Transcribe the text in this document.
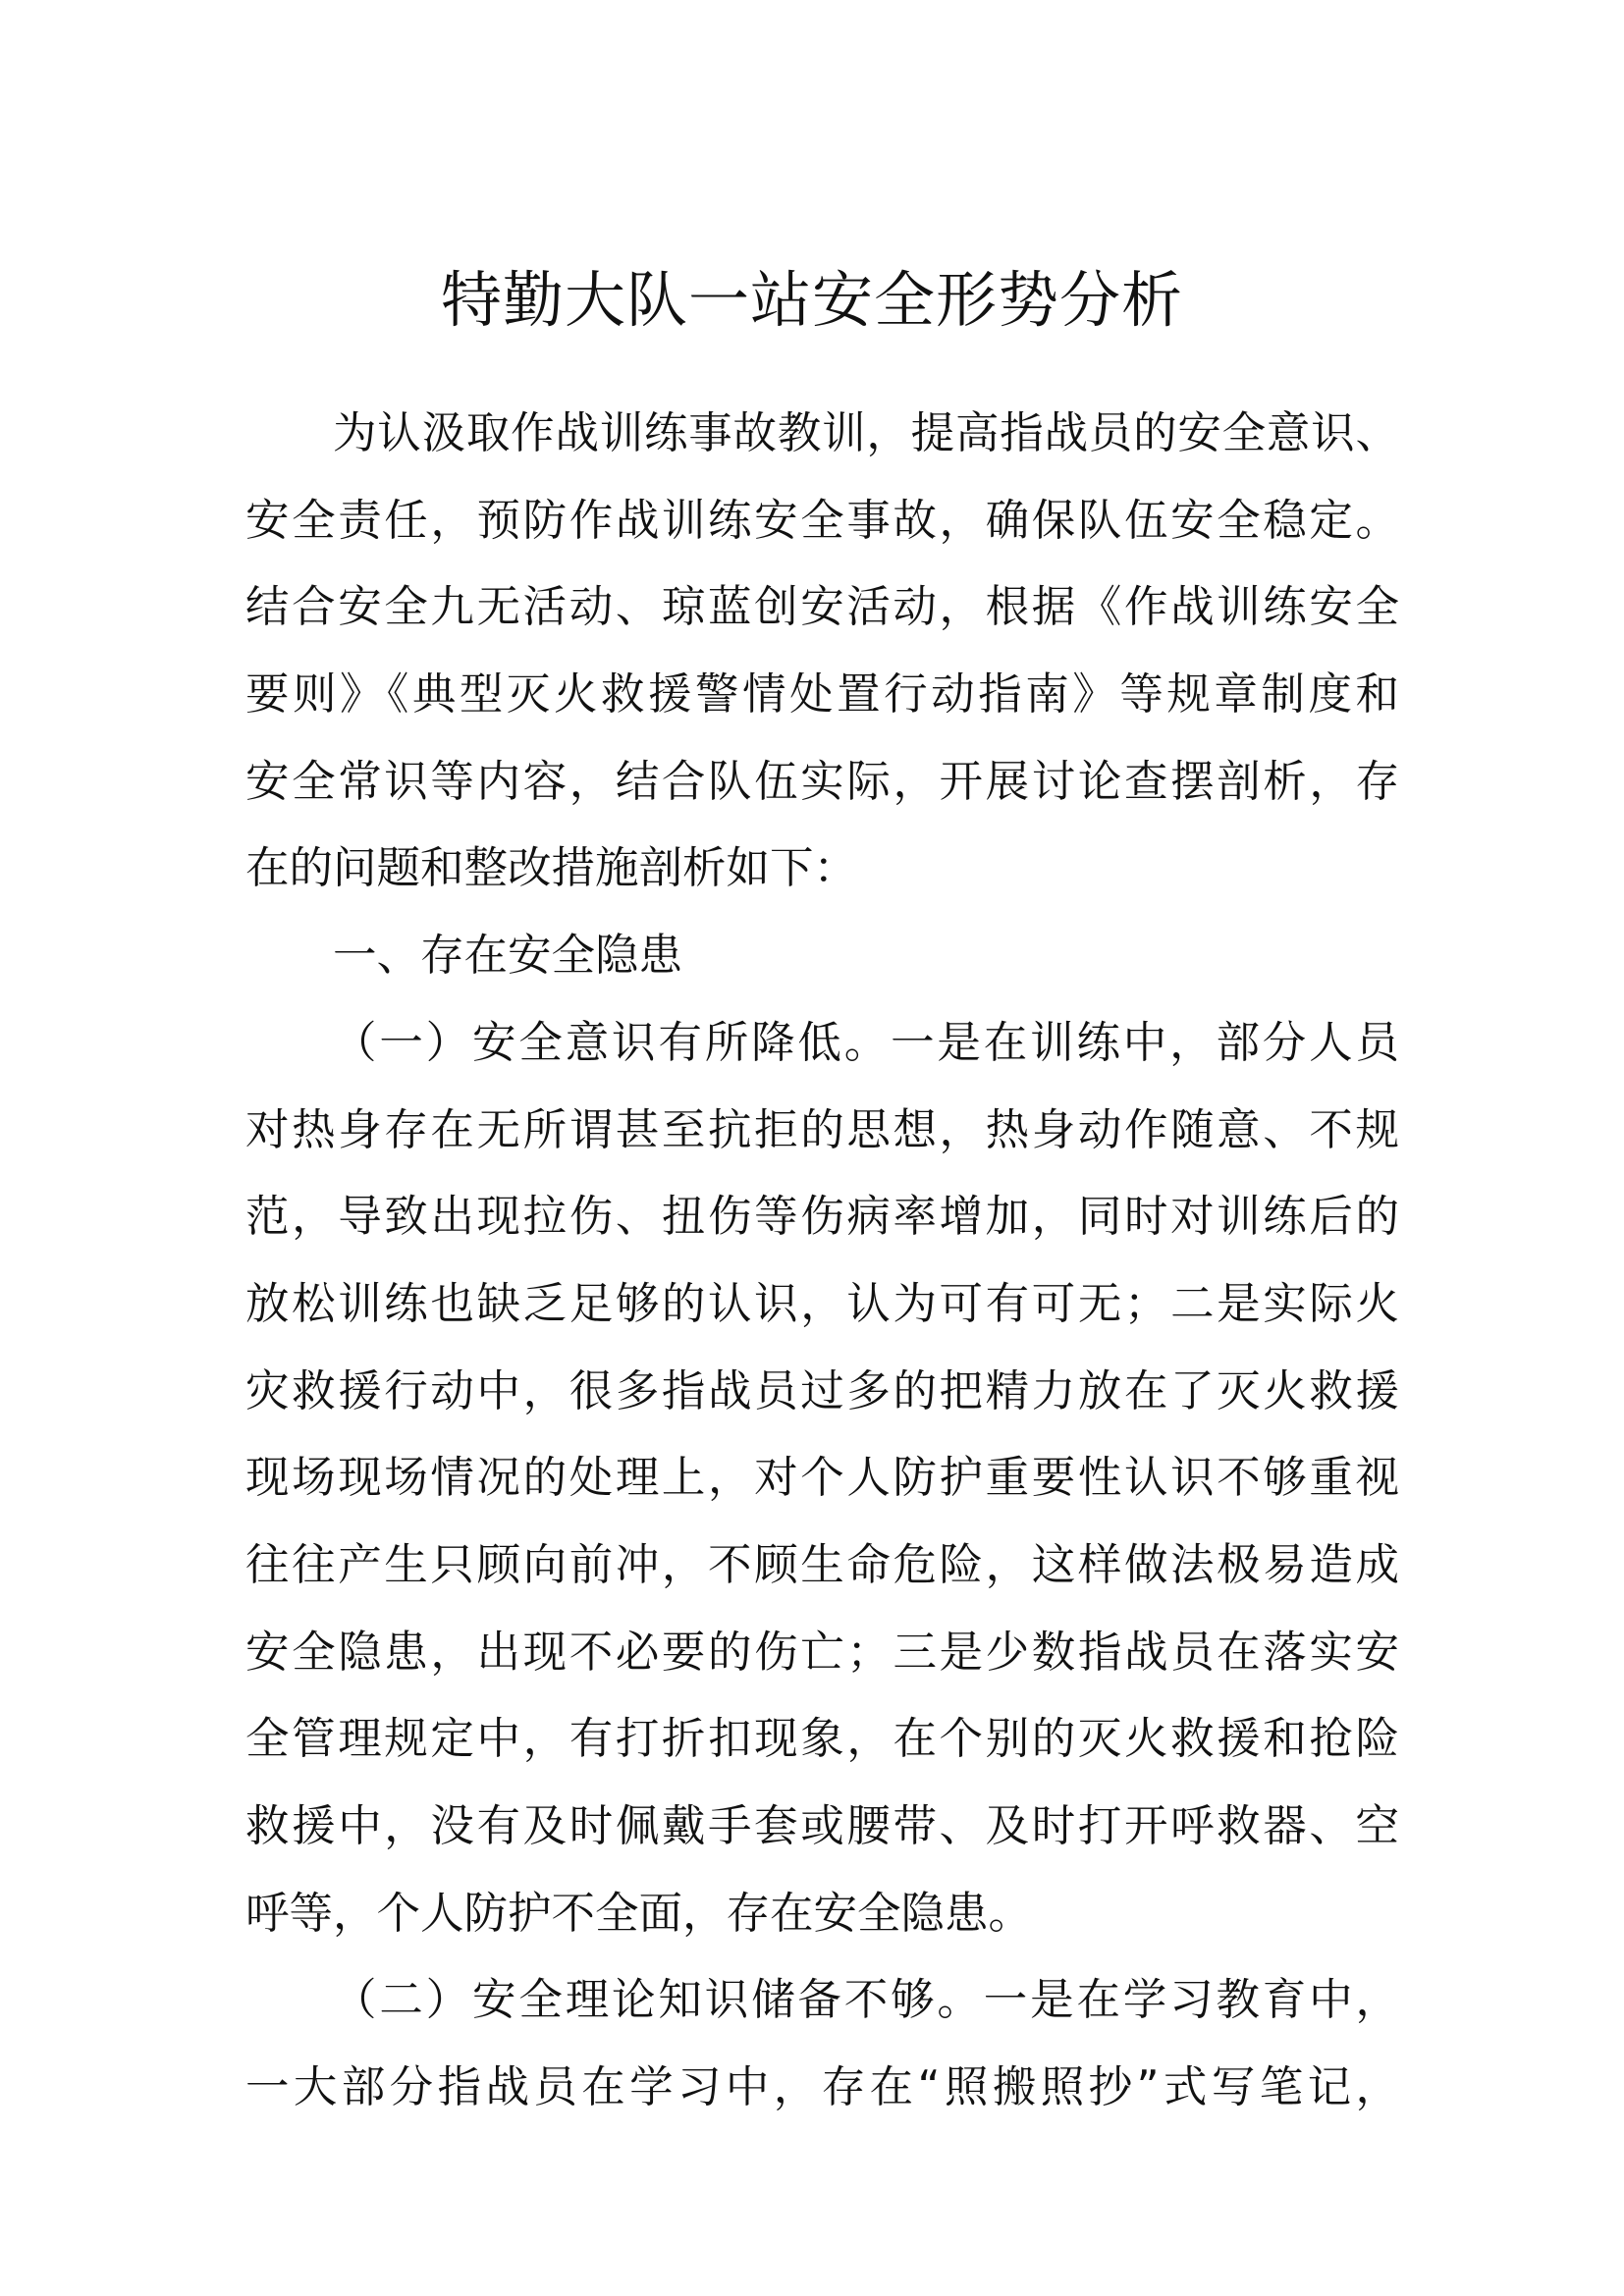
特勤大队一站安全形势分析
为认汲取作战训练事故教训，提高指战员的安全意识、
安全责任，预防作战训练安全事故，确保队伍安全稳定。
结合安全九无活动、琼蓝创安活动，根据《作战训练安全
要则》《典型灭火救援警情处置行动指南》等规章制度和
安全常识等内容，结合队伍实际，开展讨论查摆剖析，存
在的问题和整改措施剖析如下：
一、存在安全隐患
（一）安全意识有所降低。一是在训练中，部分人员
对热身存在无所谓甚至抗拒的思想，热身动作随意、不规
范，导致出现拉伤、扭伤等伤病率增加，同时对训练后的
放松训练也缺乏足够的认识，认为可有可无；二是实际火
灾救援行动中，很多指战员过多的把精力放在了灭火救援
现场现场情况的处理上，对个人防护重要性认识不够重视
往往产生只顾向前冲，不顾生命危险，这样做法极易造成
安全隐患，出现不必要的伤亡；三是少数指战员在落实安
全管理规定中，有打折扣现象，在个别的灭火救援和抢险
救援中，没有及时佩戴手套或腰带、及时打开呼救器、空
呼等，个人防护不全面，存在安全隐患。
（二）安全理论知识储备不够。一是在学习教育中，
一大部分指战员在学习中，存在“照搬照抄”式写笔记，
